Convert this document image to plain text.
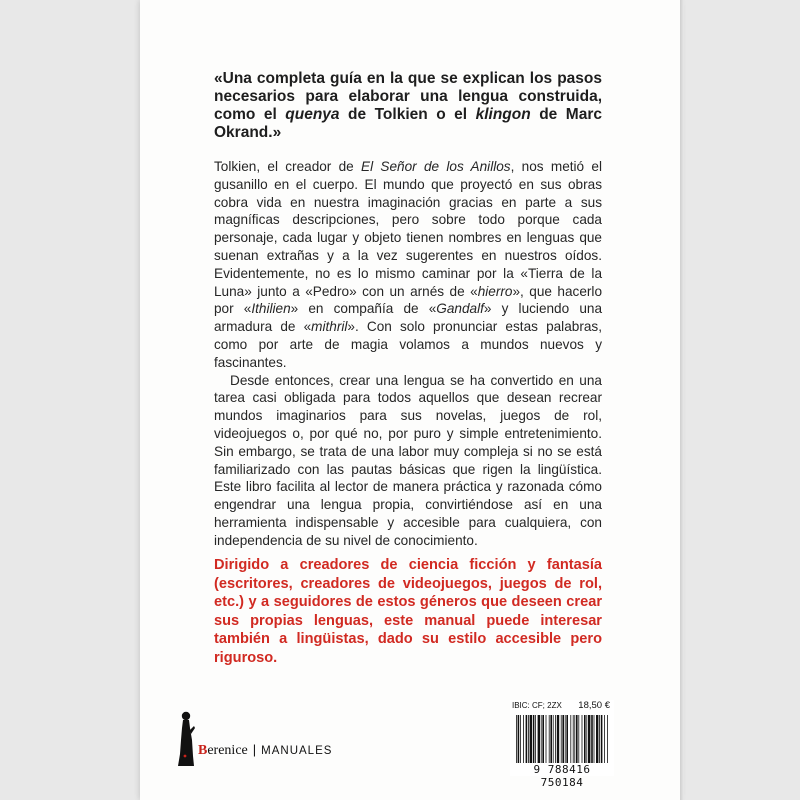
«Una completa guía en la que se explican los pasos necesarios para elaborar una lengua construida, como el quenya de Tolkien o el klingon de Marc Okrand.»

Tolkien, el creador de El Señor de los Anillos, nos metió el gusanillo en el cuerpo. El mundo que proyectó en sus obras cobra vida en nuestra imaginación gracias en parte a sus magníficas descripciones, pero sobre todo porque cada personaje, cada lugar y objeto tienen nombres en lenguas que suenan extrañas y a la vez sugerentes en nuestros oídos. Evidentemente, no es lo mismo caminar por la «Tierra de la Luna» junto a «Pedro» con un arnés de «hierro», que hacerlo por «Ithilien» en compañía de «Gandalf» y luciendo una armadura de «mithril». Con solo pronunciar estas palabras, como por arte de magia volamos a mundos nuevos y fascinantes.

Desde entonces, crear una lengua se ha convertido en una tarea casi obligada para todos aquellos que desean recrear mundos imaginarios para sus novelas, juegos de rol, videojuegos o, por qué no, por puro y simple entretenimiento. Sin embargo, se trata de una labor muy compleja si no se está familiarizado con las pautas básicas que rigen la lingüística. Este libro facilita al lector de manera práctica y razonada cómo engendrar una lengua propia, convirtiéndose así en una herramienta indispensable y accesible para cualquiera, con independencia de su nivel de conocimiento.

Dirigido a creadores de ciencia ficción y fantasía (escritores, creadores de videojuegos, juegos de rol, etc.) y a seguidores de estos géneros que deseen crear sus propias lenguas, este manual puede interesar también a lingüistas, dado su estilo accesible pero riguroso.

Berenice | MANUALES
IBIC: CF; 2ZX 18,50 €
9 788416 750184
